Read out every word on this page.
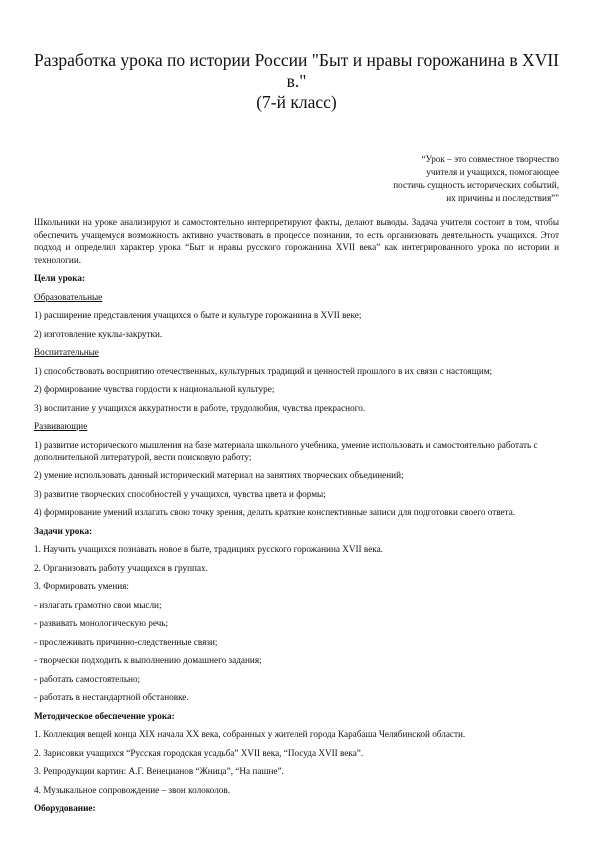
Разработка урока по истории России "Быт и нравы горожанина в XVII в."
(7-й класс)
“Урок – это совместное творчество
учителя и учащихся, помогающее
постичь сущность исторических событий,
их причины и последствия”"

Школьники на уроке анализируют и самостоятельно интерпретируют факты, делают выводы. Задача учителя состоит в том, чтобы обеспечить учащемуся возможность активно участвовать в процессе познания, то есть организовать деятельность учащихся. Этот подход и определил характер урока “Быт и нравы русского горожанина XVII века” как интегрированного урока по истории и технологии.

Цели урока:

Образовательные

1) расширение представления учащихся о быте и культуре горожанина в XVII веке;

2) изготовление куклы-закрутки.

Воспитательные

1) способствовать восприятию отечественных, культурных традиций и ценностей прошлого в их связи с настоящим;

2) формирование чувства гордости к национальной культуре;

3) воспитание у учащихся аккуратности в работе, трудолюбия, чувства прекрасного.

Развивающие

1) развитие исторического мышления на базе материала школьного учебника, умение использовать и самостоятельно работать с дополнительной литературой, вести поисковую работу;

2) умение использовать данный исторический материал на занятиях творческих объединений;

3) развитие творческих способностей у учащихся, чувства цвета и формы;

4) формирование умений излагать свою точку зрения, делать краткие конспективные записи для подготовки своего ответа.

Задачи урока:

1. Научить учащихся познавать новое в быте, традициях русского горожанина XVII века.

2. Организовать работу учащихся в группах.

3. Формировать умения:

- излагать грамотно свои мысли;

- развивать монологическую речь;

- прослеживать причинно-следственные связи;

- творчески подходить к выполнению домашнего задания;

- работать самостоятельно;

- работать в нестандартной обстановке.

Методическое обеспечение урока:

1. Коллекция вещей конца XIX начала XX века, собранных у жителей города Карабаша Челябинской области.

2. Зарисовки учащихся “Русская городская усадьба” XVII века, “Посуда XVII века”.

3. Репродукции картин: А.Г. Венецианов “Жница”, “На пашне”.

4. Музыкальное сопровождение – звон колоколов.

Оборудование:
